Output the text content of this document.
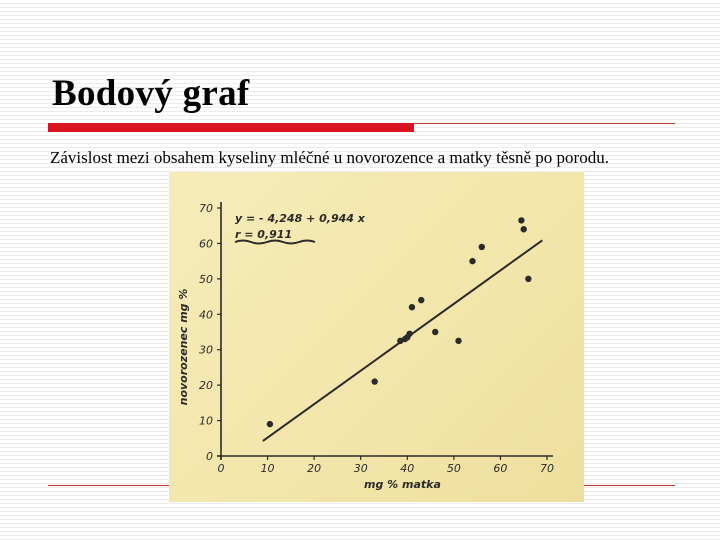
Bodový graf
Závislost mezi obsahem kyseliny mléčné u novorozence a matky těsně po porodu.
0	10	20	30	40	50	60	70
0
10
20
30
40
50
60
70
y = - 4,248 + 0,944 x
r = 0,911
mg % matka
novorozenec mg %
